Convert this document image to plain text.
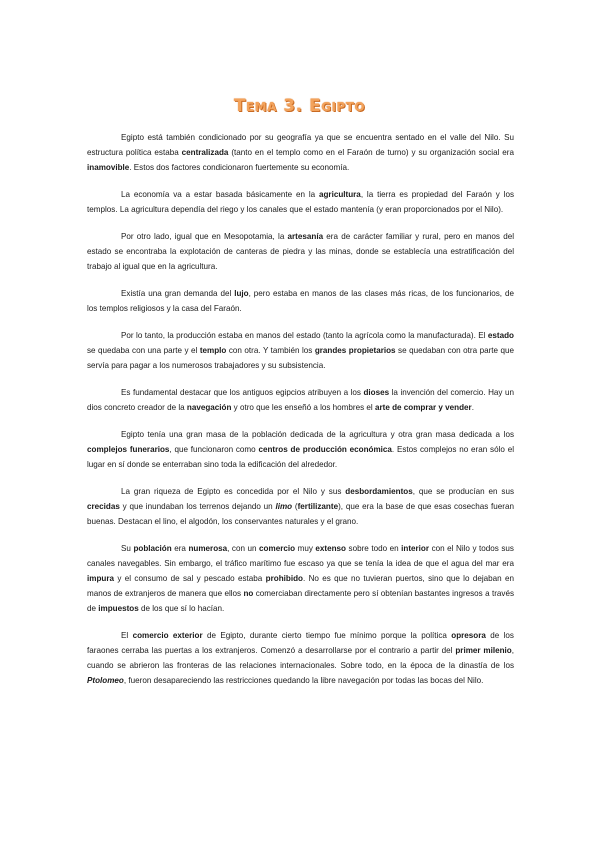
Tema 3. Egipto

Egipto está también condicionado por su geografía ya que se encuentra sentado en el valle del Nilo. Su estructura política estaba centralizada (tanto en el templo como en el Faraón de turno) y su organización social era inamovible. Estos dos factores condicionaron fuertemente su economía.

La economía va a estar basada básicamente en la agricultura, la tierra es propiedad del Faraón y los templos. La agricultura dependía del riego y los canales que el estado mantenía (y eran proporcionados por el Nilo).

Por otro lado, igual que en Mesopotamia, la artesanía era de carácter familiar y rural, pero en manos del estado se encontraba la explotación de canteras de piedra y las minas, donde se establecía una estratificación del trabajo al igual que en la agricultura.

Existía una gran demanda del lujo, pero estaba en manos de las clases más ricas, de los funcionarios, de los templos religiosos y la casa del Faraón.

Por lo tanto, la producción estaba en manos del estado (tanto la agrícola como la manufacturada). El estado se quedaba con una parte y el templo con otra. Y también los grandes propietarios se quedaban con otra parte que servía para pagar a los numerosos trabajadores y su subsistencia.

Es fundamental destacar que los antiguos egipcios atribuyen a los dioses la invención del comercio. Hay un dios concreto creador de la navegación y otro que les enseñó a los hombres el arte de comprar y vender.

Egipto tenía una gran masa de la población dedicada de la agricultura y otra gran masa dedicada a los complejos funerarios, que funcionaron como centros de producción económica. Estos complejos no eran sólo el lugar en sí donde se enterraban sino toda la edificación del alrededor.

La gran riqueza de Egipto es concedida por el Nilo y sus desbordamientos, que se producían en sus crecidas y que inundaban los terrenos dejando un limo (fertilizante), que era la base de que esas cosechas fueran buenas. Destacan el lino, el algodón, los conservantes naturales y el grano.

Su población era numerosa, con un comercio muy extenso sobre todo en interior con el Nilo y todos sus canales navegables. Sin embargo, el tráfico marítimo fue escaso ya que se tenía la idea de que el agua del mar era impura y el consumo de sal y pescado estaba prohibido. No es que no tuvieran puertos, sino que lo dejaban en manos de extranjeros de manera que ellos no comerciaban directamente pero sí obtenían bastantes ingresos a través de impuestos de los que sí lo hacían.

El comercio exterior de Egipto, durante cierto tiempo fue mínimo porque la política opresora de los faraones cerraba las puertas a los extranjeros. Comenzó a desarrollarse por el contrario a partir del primer milenio, cuando se abrieron las fronteras de las relaciones internacionales. Sobre todo, en la época de la dinastía de los Ptolomeo, fueron desapareciendo las restricciones quedando la libre navegación por todas las bocas del Nilo.
